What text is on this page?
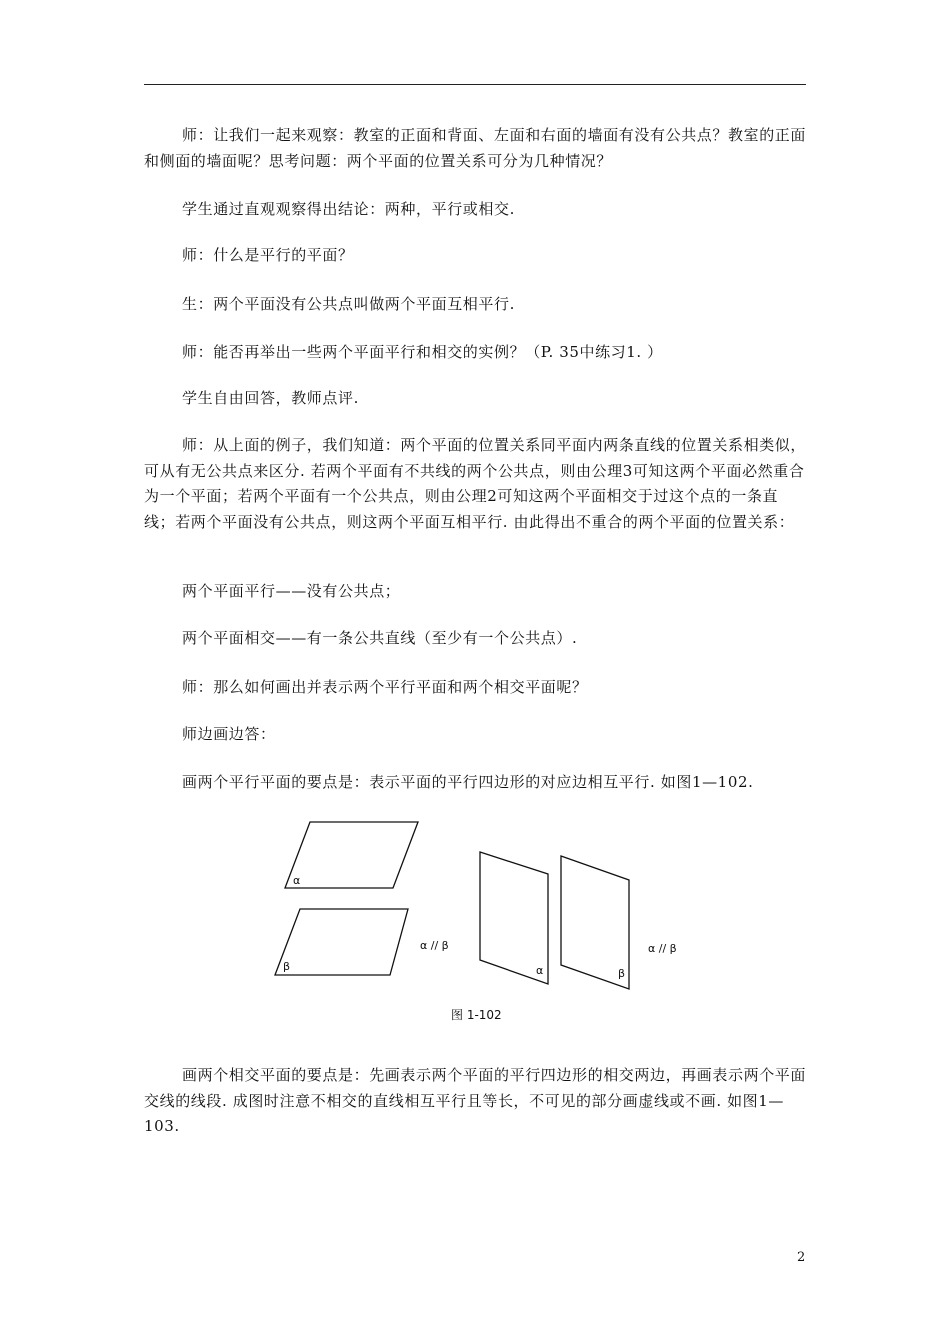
师：让我们一起来观察：教室的正面和背面、左面和右面的墙面有没有公共点？教室的正面和侧面的墙面呢？思考问题：两个平面的位置关系可分为几种情况？

学生通过直观观察得出结论：两种，平行或相交.

师：什么是平行的平面？

生：两个平面没有公共点叫做两个平面互相平行.

师：能否再举出一些两个平面平行和相交的实例？（P. 35中练习1. ）

学生自由回答，教师点评.

师：从上面的例子，我们知道：两个平面的位置关系同平面内两条直线的位置关系相类似，可从有无公共点来区分. 若两个平面有不共线的两个公共点，则由公理3可知这两个平面必然重合为一个平面；若两个平面有一个公共点，则由公理2可知这两个平面相交于过这个点的一条直线；若两个平面没有公共点，则这两个平面互相平行. 由此得出不重合的两个平面的位置关系：

两个平面平行——没有公共点；

两个平面相交——有一条公共直线（至少有一个公共点）.

师：那么如何画出并表示两个平行平面和两个相交平面呢？

师边画边答：

画两个平行平面的要点是：表示平面的平行四边形的对应边相互平行. 如图1—102.

α
β
α // β
α	β
α // β
图 1-102

画两个相交平面的要点是：先画表示两个平面的平行四边形的相交两边，再画表示两个平面交线的线段. 成图时注意不相交的直线相互平行且等长，不可见的部分画虚线或不画. 如图1—103.

2
